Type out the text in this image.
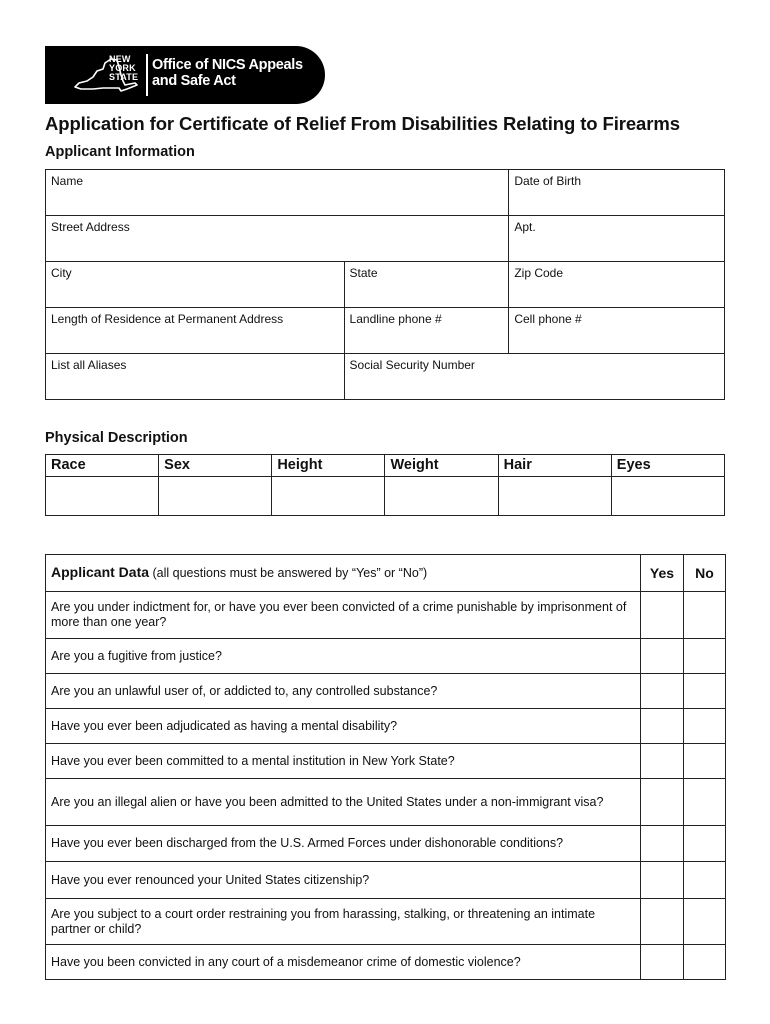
NEW
YORK
STATE
Office of NICS Appeals
and Safe Act
Application for Certificate of Relief From Disabilities Relating to Firearms
Applicant Information
Name		Date of Birth

Street Address		Apt.

City	State	Zip Code

Length of Residence at Permanent Address	Landline phone #	Cell phone #

List all Aliases	Social Security Number	
Physical Description
Race	Sex	Height	Weight	Hair	Eyes

Applicant Data (all questions must be answered by “Yes” or “No”)	Yes	No
Are you under indictment for, or have you ever been convicted of a crime punishable by imprisonment of more than one year?		
Are you a fugitive from justice?		
Are you an unlawful user of, or addicted to, any controlled substance?		
Have you ever been adjudicated as having a mental disability?		
Have you ever been committed to a mental institution in New York State?		
Are you an illegal alien or have you been admitted to the United States under a non-immigrant visa?		
Have you ever been discharged from the U.S. Armed Forces under dishonorable conditions?		
Have you ever renounced your United States citizenship?		
Are you subject to a court order restraining you from harassing, stalking, or threatening an intimate partner or child?		
Have you been convicted in any court of a misdemeanor crime of domestic violence?		
